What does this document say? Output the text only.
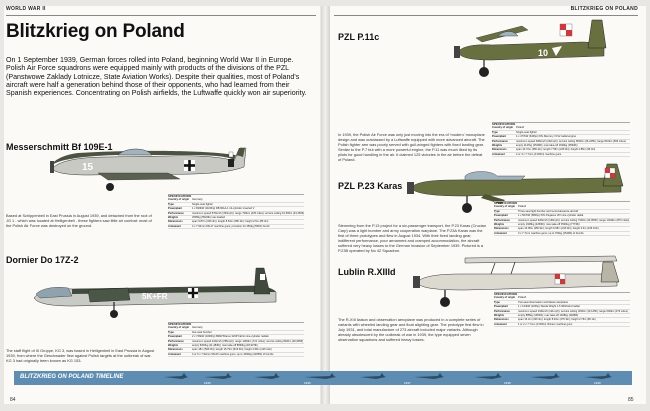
WORLD WAR II	BLITZKRIEG ON POLAND
Blitzkrieg on Poland
On 1 September 1939, German forces rolled into Poland, beginning World War II in Europe. Polish Air Force squadrons were equipped mainly with products of the divisions of the PZL (Panstwowe Zaklady Lotnicze, State Aviation Works). Despite their qualities, most of Poland's aircraft were half a generation behind those of their opponents, who had learned from their Spanish experiences. Concentrating on Polish airfields, the Luftwaffe quickly won air superiority.
Messerschmitt Bf 109E-1
15
Based at Schippenbeil in East Prussia in August 1939, and detached from the root of JG 1 - which was located at Heiligenbeil - these fighters saw little air combat: most of the Polish Air Force was destroyed on the ground.
SPECIFICATIONS
Country of origin	Germany
Type	Single-seat fighter
Powerplant	1 x 820kW (1100hp) DB 601A-1 12-cylinder inverted V
Performance	maximum speed 570km/h (354mph); range 700km (435 miles); service ceiling 10,500m (34,450ft)
Weights	2505kg (5523lb) max loaded
Dimensions	span 9.87m (32ft 4in); length 8.64m (28ft 4in); height 2.5m (8ft 2in)
Armament	4 x 7.92mm MG17 machine guns; provision for 250kg (551lb) bomb
Dornier Do 17Z-2
5K+FR
The staff flight of III Gruppe, KG 3, was based in Heiligenbeil in East Prussia in August 1939, from where the Geschwader flew against Polish targets at the outbreak of war. KG 3 had originally been known as KG 153.
SPECIFICATIONS
Country of origin	Germany
Type	four-seat bomber
Powerplant	2 x 746kW (1000hp) BMW Bramo 323P Fafnir nine-cylinder radials
Performance	maximum speed 410km/h (255mph); range 1160km (721 miles); service ceiling 8200m (26,905ft)
Weights	empty 5200kg (11,484lb); max take-off 8590kg (18,937lb)
Dimensions	span 18m (59ft 0in); length 15.79m (51ft 9in); height 4.56m (14ft 11in)
Armament	4 or 6 x 7.92mm MG15 machine guns; up to 1000kg (2205lb) of bombs
PZL P.11c
10
In 1939, the Polish Air Force was only just moving into the era of 'modern' monoplane design and was outclassed by a Luftwaffe equipped with more advanced aircraft. The Polish fighter arm was poorly served with gull-winged fighters with fixed landing gear. Similar to the P.7 but with a more powerful engine, the P.11 was much liked by its pilots for good handling in the air. It claimed 125 victories in the air before the defeat of Poland.
SPECIFICATIONS
Country of origin	Poland
Type	Single-seat fighter
Powerplant	1 x 477kW (640hp) PZL Mercury VI.S2 radial engine
Performance	maximum speed 390km/h (242mph); service ceiling 8000m (26,245ft); range 810km (503 miles)
Weights	empty 1147kg (2529lb); max take-off 1630kg (3594lb)
Dimensions	span 10.72m (35ft 2in); length 7.55m (24ft 9in); height 2.85m (9ft 4in)
Armament	2 or 4 x 7.7mm (0.303in) machine guns
PZL P.23 Karas
Stemming from the P.13 project for a six-passenger transport, the P.23 Karas (Crucian Carp) was a light bomber and army cooperation warplane. The P.23A Karas was the first of three prototypes and flew in August 1934. With their fixed landing gear, indifferent performance, poor armament and cramped accommodation, the aircraft suffered very heavy losses to the German invasion of September 1939. Pictured is a P.23B operated by No 42 Squadron.
SPECIFICATIONS
Country of origin	Poland
Type	Three-seat light bomber and reconnaissance aircraft
Powerplant	1 x 507kW (680hp) PZL Pegasus VIII nine-cylinder radial
Performance	maximum speed 320km/h (199mph); service ceiling 7300m (23,950ft); range 1400km (870 miles)
Weights	empty 1928kg (4250lb); max take-off 3526kg (7773lb)
Dimensions	span 13.95m (45ft 9in); length 9.68m (31ft 9in); height 3.3m (10ft 10in)
Armament	3 x 7.7mm machine guns; up to 700kg (1543lb) of bombs
Lublin R.XIIId
The R-XIII liaison and observation aeroplane was produced in a complete series of variants with wheeled landing gear and float alighting gear. The prototype first flew in July 1931, and total manufacture of 273 aircraft included major variants. Although already obsolescent by the outbreak of war in 1939, the type equipped seven observation squadrons and suffered heavy losses.
SPECIFICATIONS
Country of origin	Poland
Type	Two-seat observation and liaison aeroplane
Powerplant	1 x 164kW (220hp) Skoda Wright J-5 Whirlwind radial
Performance	maximum speed 194km/h (121mph); service ceiling 4000m (13,125ft); range 600km (373 miles)
Weights	empty 885kg (1951lb); max take-off 1328kg (2928lb)
Dimensions	span 13.2m (43ft 4in); length 8.46m (27ft 9in); height 2.76m (9ft 1in)
Armament	1 or 2 x 7.7mm (0.303in) Vickers machine guns
BLITZKRIEG ON POLAND TIMELINE
1935	1936	1937	1938	1939
84	85
